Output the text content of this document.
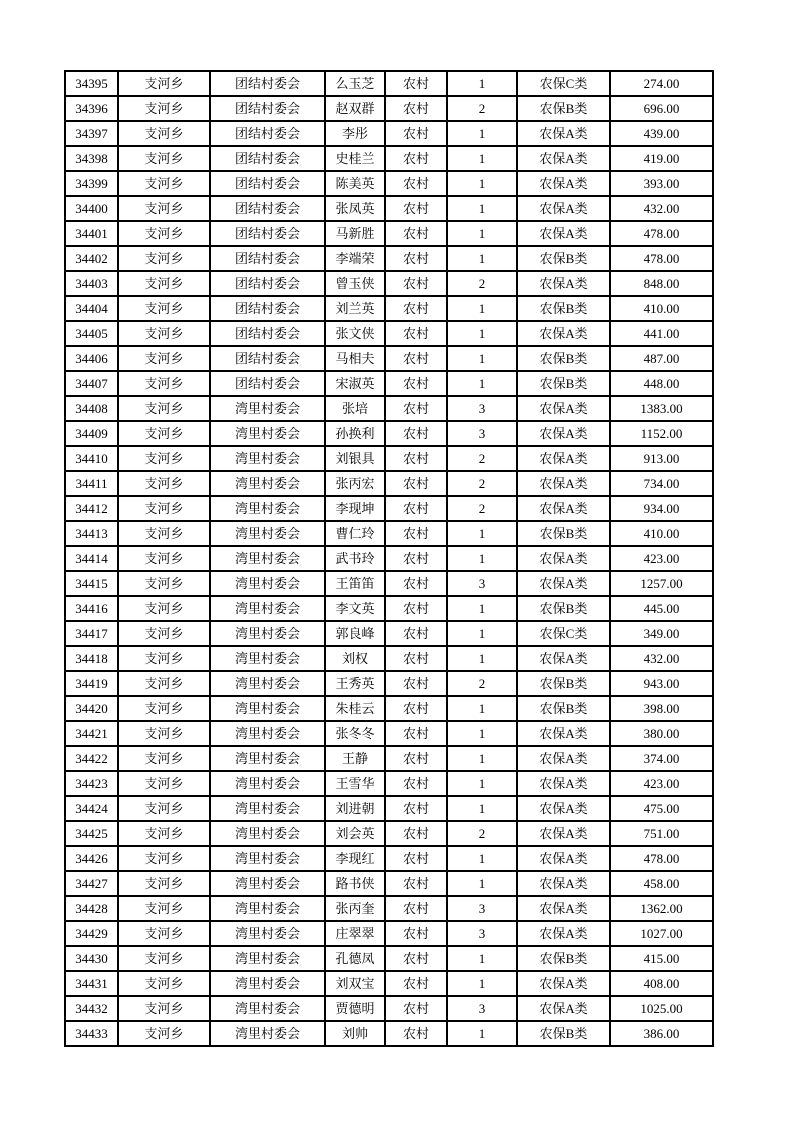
34395	支河乡	团结村委会	么玉芝	农村	1	农保C类	274.00
34396	支河乡	团结村委会	赵双群	农村	2	农保B类	696.00
34397	支河乡	团结村委会	李彤	农村	1	农保A类	439.00
34398	支河乡	团结村委会	史桂兰	农村	1	农保A类	419.00
34399	支河乡	团结村委会	陈美英	农村	1	农保A类	393.00
34400	支河乡	团结村委会	张凤英	农村	1	农保A类	432.00
34401	支河乡	团结村委会	马新胜	农村	1	农保A类	478.00
34402	支河乡	团结村委会	李端荣	农村	1	农保B类	478.00
34403	支河乡	团结村委会	曾玉侠	农村	2	农保A类	848.00
34404	支河乡	团结村委会	刘兰英	农村	1	农保B类	410.00
34405	支河乡	团结村委会	张文侠	农村	1	农保A类	441.00
34406	支河乡	团结村委会	马相夫	农村	1	农保B类	487.00
34407	支河乡	团结村委会	宋淑英	农村	1	农保B类	448.00
34408	支河乡	湾里村委会	张培	农村	3	农保A类	1383.00
34409	支河乡	湾里村委会	孙换利	农村	3	农保A类	1152.00
34410	支河乡	湾里村委会	刘银具	农村	2	农保A类	913.00
34411	支河乡	湾里村委会	张丙宏	农村	2	农保A类	734.00
34412	支河乡	湾里村委会	李现坤	农村	2	农保A类	934.00
34413	支河乡	湾里村委会	曹仁玲	农村	1	农保B类	410.00
34414	支河乡	湾里村委会	武书玲	农村	1	农保A类	423.00
34415	支河乡	湾里村委会	王笛笛	农村	3	农保A类	1257.00
34416	支河乡	湾里村委会	李文英	农村	1	农保B类	445.00
34417	支河乡	湾里村委会	郭良峰	农村	1	农保C类	349.00
34418	支河乡	湾里村委会	刘权	农村	1	农保A类	432.00
34419	支河乡	湾里村委会	王秀英	农村	2	农保B类	943.00
34420	支河乡	湾里村委会	朱桂云	农村	1	农保B类	398.00
34421	支河乡	湾里村委会	张冬冬	农村	1	农保A类	380.00
34422	支河乡	湾里村委会	王静	农村	1	农保A类	374.00
34423	支河乡	湾里村委会	王雪华	农村	1	农保A类	423.00
34424	支河乡	湾里村委会	刘进朝	农村	1	农保A类	475.00
34425	支河乡	湾里村委会	刘会英	农村	2	农保A类	751.00
34426	支河乡	湾里村委会	李现红	农村	1	农保A类	478.00
34427	支河乡	湾里村委会	路书侠	农村	1	农保A类	458.00
34428	支河乡	湾里村委会	张丙奎	农村	3	农保A类	1362.00
34429	支河乡	湾里村委会	庄翠翠	农村	3	农保A类	1027.00
34430	支河乡	湾里村委会	孔德凤	农村	1	农保B类	415.00
34431	支河乡	湾里村委会	刘双宝	农村	1	农保A类	408.00
34432	支河乡	湾里村委会	贾德明	农村	3	农保A类	1025.00
34433	支河乡	湾里村委会	刘帅	农村	1	农保B类	386.00
